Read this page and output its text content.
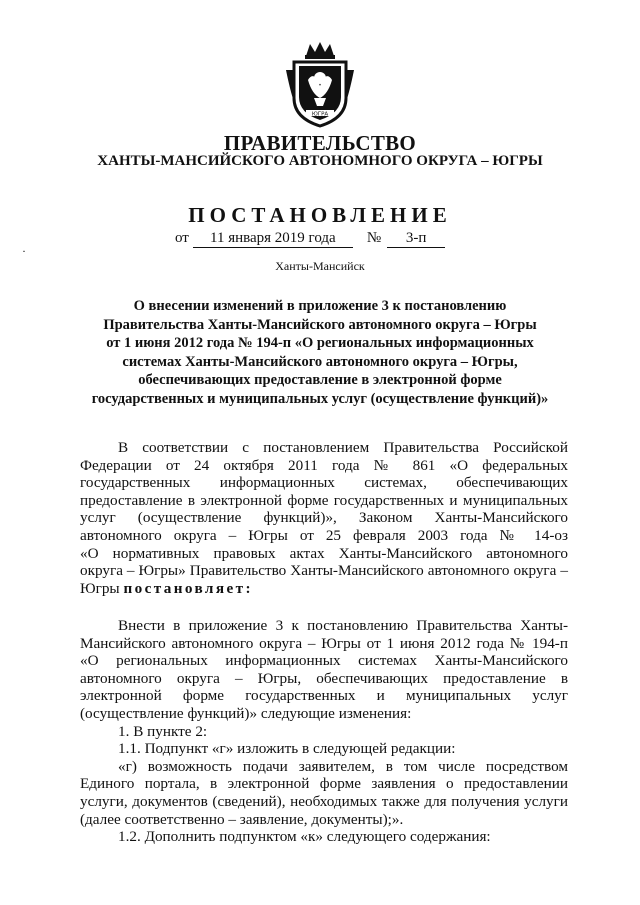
ЮГРА
ПРАВИТЕЛЬСТВО
ХАНТЫ-МАНСИЙСКОГО АВТОНОМНОГО ОКРУГА – ЮГРЫ
ПОСТАНОВЛЕНИЕ
от 11 января 2019 года № 3-п
Ханты-Мансийск
·
О внесении изменений в приложение 3 к постановлению
Правительства Ханты-Мансийского автономного округа – Югры
от 1 июня 2012 года № 194-п «О региональных информационных
системах Ханты-Мансийского автономного округа – Югры,
обеспечивающих предоставление в электронной форме
государственных и муниципальных услуг (осуществление функций)»
В соответствии с постановлением Правительства Российской
Федерации от 24 октября 2011 года № 861 «О федеральных
государственных информационных системах, обеспечивающих
предоставление в электронной форме государственных и муниципальных
услуг (осуществление функций)», Законом Ханты-Мансийского
автономного округа – Югры от 25 февраля 2003 года № 14-оз
«О нормативных правовых актах Ханты-Мансийского автономного
округа – Югры» Правительство Ханты-Мансийского автономного округа –
Югры постановляет:
Внести в приложение 3 к постановлению Правительства Ханты-
Мансийского автономного округа – Югры от 1 июня 2012 года № 194-п
«О региональных информационных системах Ханты-Мансийского
автономного округа – Югры, обеспечивающих предоставление в
электронной форме государственных и муниципальных услуг
(осуществление функций)» следующие изменения:
1. В пункте 2:
1.1. Подпункт «г» изложить в следующей редакции:
«г) возможность подачи заявителем, в том числе посредством
Единого портала, в электронной форме заявления о предоставлении
услуги, документов (сведений), необходимых также для получения услуги
(далее соответственно – заявление, документы);».
1.2. Дополнить подпунктом «к» следующего содержания:
